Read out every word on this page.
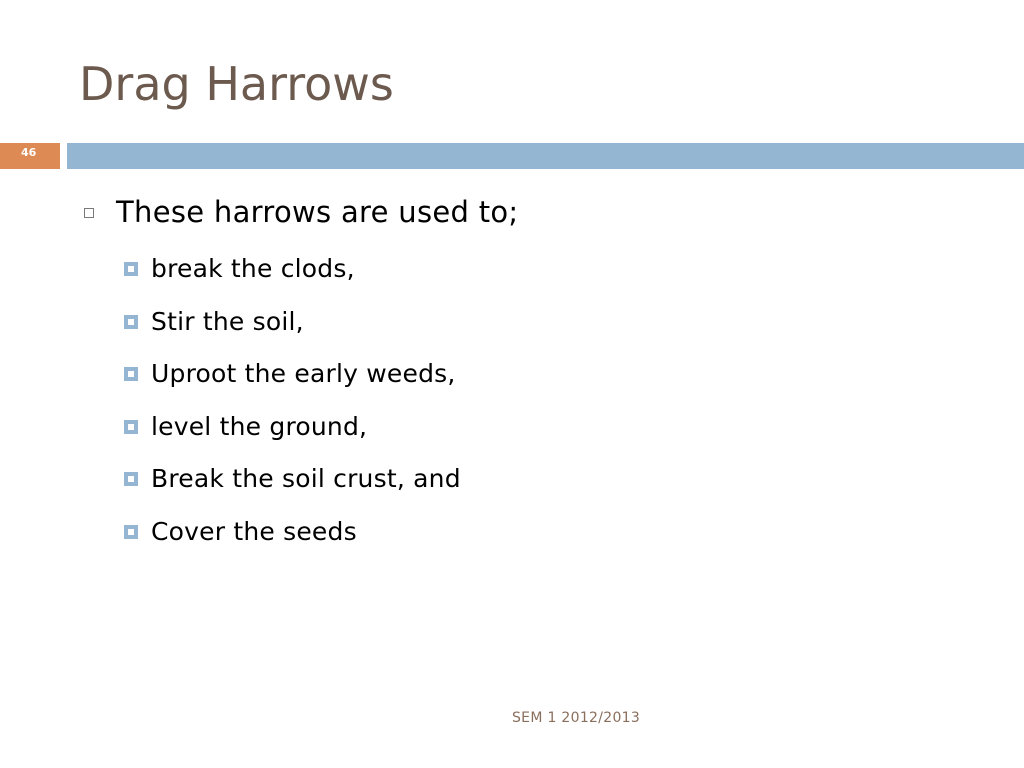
Drag Harrows
46
These harrows are used to;
break the clods,
Stir the soil,
Uproot the early weeds,
level the ground,
Break the soil crust, and
Cover the seeds
SEM 1 2012/2013
